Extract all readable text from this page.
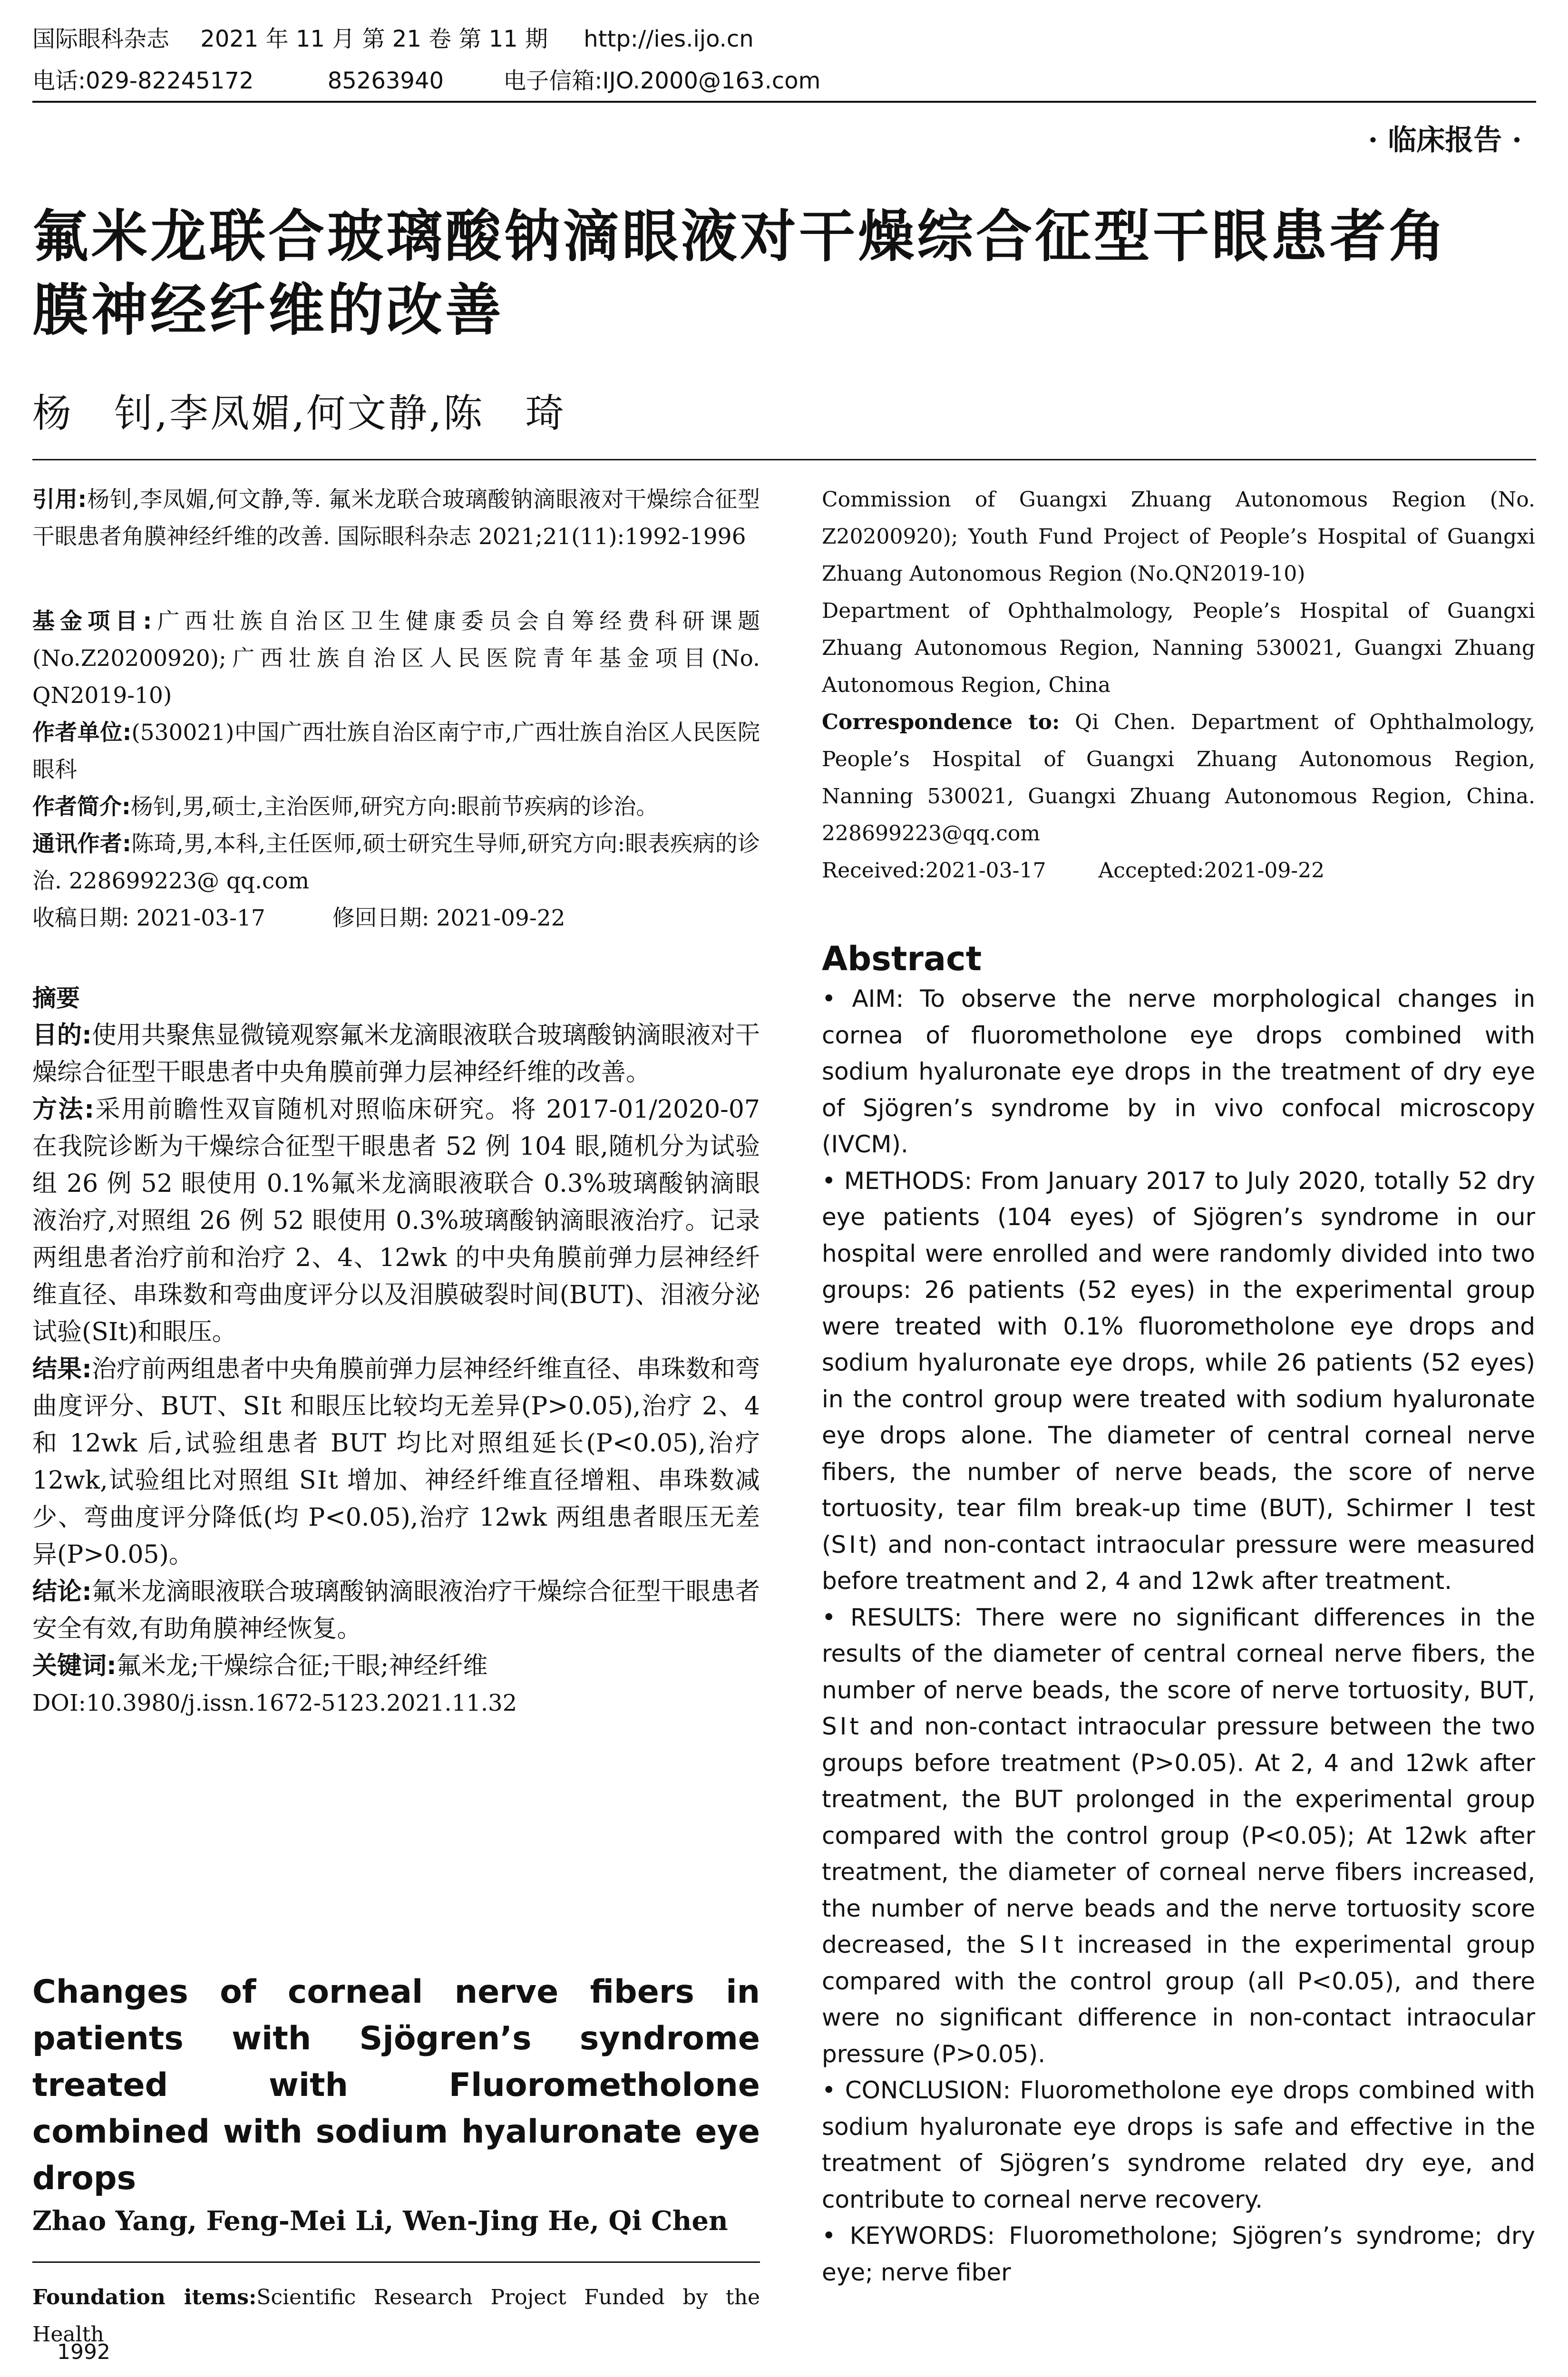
国际眼科杂志 2021 年 11 月 第 21 卷 第 11 期 http://ies.ijo.cn
电话:029-82245172	85263940	电子信箱:IJO.2000@163.com
· 临床报告 ·
氟米龙联合玻璃酸钠滴眼液对干燥综合征型干眼患者角
膜神经纤维的改善
杨　钊,李凤媚,何文静,陈　琦
引用:杨钊,李凤媚,何文静,等. 氟米龙联合玻璃酸钠滴眼液对干燥综合征型干眼患者角膜神经纤维的改善. 国际眼科杂志 2021;21(11):1992-1996
基金项目:广西壮族自治区卫生健康委员会自筹经费科研课题(No.Z20200920);广西壮族自治区人民医院青年基金项目(No. QN2019-10)
作者单位:(530021)中国广西壮族自治区南宁市,广西壮族自治区人民医院眼科
作者简介:杨钊,男,硕士,主治医师,研究方向:眼前节疾病的诊治。
通讯作者:陈琦,男,本科,主任医师,硕士研究生导师,研究方向:眼表疾病的诊治. 228699223@ qq.com
收稿日期: 2021-03-17　　　修回日期: 2021-09-22
摘要
目的:使用共聚焦显微镜观察氟米龙滴眼液联合玻璃酸钠滴眼液对干燥综合征型干眼患者中央角膜前弹力层神经纤维的改善。
方法:采用前瞻性双盲随机对照临床研究。将 2017-01/2020-07 在我院诊断为干燥综合征型干眼患者 52 例 104 眼,随机分为试验组 26 例 52 眼使用 0.1%氟米龙滴眼液联合 0.3%玻璃酸钠滴眼液治疗,对照组 26 例 52 眼使用 0.3%玻璃酸钠滴眼液治疗。记录两组患者治疗前和治疗 2、4、12wk 的中央角膜前弹力层神经纤维直径、串珠数和弯曲度评分以及泪膜破裂时间(BUT)、泪液分泌试验(SⅠt)和眼压。
结果:治疗前两组患者中央角膜前弹力层神经纤维直径、串珠数和弯曲度评分、BUT、SⅠt 和眼压比较均无差异(P>0.05),治疗 2、4 和 12wk 后,试验组患者 BUT 均比对照组延长(P<0.05),治疗 12wk,试验组比对照组 SⅠt 增加、神经纤维直径增粗、串珠数减少、弯曲度评分降低(均 P<0.05),治疗 12wk 两组患者眼压无差异(P>0.05)。
结论:氟米龙滴眼液联合玻璃酸钠滴眼液治疗干燥综合征型干眼患者安全有效,有助角膜神经恢复。
关键词:氟米龙;干燥综合征;干眼;神经纤维
DOI:10.3980/j.issn.1672-5123.2021.11.32
Changes of corneal nerve fibers in patients with Sjögren’s syndrome treated with Fluorometholone combined with sodium hyaluronate eye drops
Zhao Yang, Feng-Mei Li, Wen-Jing He, Qi Chen
Foundation items:Scientific Research Project Funded by the Health
1992
Commission of Guangxi Zhuang Autonomous Region (No. Z20200920); Youth Fund Project of People’s Hospital of Guangxi Zhuang Autonomous Region (No.QN2019-10)
Department of Ophthalmology, People’s Hospital of Guangxi Zhuang Autonomous Region, Nanning 530021, Guangxi Zhuang Autonomous Region, China
Correspondence to: Qi Chen. Department of Ophthalmology, People’s Hospital of Guangxi Zhuang Autonomous Region, Nanning 530021, Guangxi Zhuang Autonomous Region, China. 228699223@qq.com
Received:2021-03-17	Accepted:2021-09-22
Abstract

• AIM: To observe the nerve morphological changes in cornea of fluorometholone eye drops combined with sodium hyaluronate eye drops in the treatment of dry eye of Sjögren’s syndrome by in vivo confocal microscopy (IVCM).

• METHODS: From January 2017 to July 2020, totally 52 dry eye patients (104 eyes) of Sjögren’s syndrome in our hospital were enrolled and were randomly divided into two groups: 26 patients (52 eyes) in the experimental group were treated with 0.1% fluorometholone eye drops and sodium hyaluronate eye drops, while 26 patients (52 eyes) in the control group were treated with sodium hyaluronate eye drops alone. The diameter of central corneal nerve fibers, the number of nerve beads, the score of nerve tortuosity, tear film break-up time (BUT), Schirmer Ⅰ test (SⅠt) and non-contact intraocular pressure were measured before treatment and 2, 4 and 12wk after treatment.

• RESULTS: There were no significant differences in the results of the diameter of central corneal nerve fibers, the number of nerve beads, the score of nerve tortuosity, BUT, SⅠt and non-contact intraocular pressure between the two groups before treatment (P>0.05). At 2, 4 and 12wk after treatment, the BUT prolonged in the experimental group compared with the control group (P<0.05); At 12wk after treatment, the diameter of corneal nerve fibers increased, the number of nerve beads and the nerve tortuosity score decreased, the SⅠt increased in the experimental group compared with the control group (all P<0.05), and there were no significant difference in non-contact intraocular pressure (P>0.05).

• CONCLUSION: Fluorometholone eye drops combined with sodium hyaluronate eye drops is safe and effective in the treatment of Sjögren’s syndrome related dry eye, and contribute to corneal nerve recovery.

• KEYWORDS: Fluorometholone; Sjögren’s syndrome; dry eye; nerve fiber
